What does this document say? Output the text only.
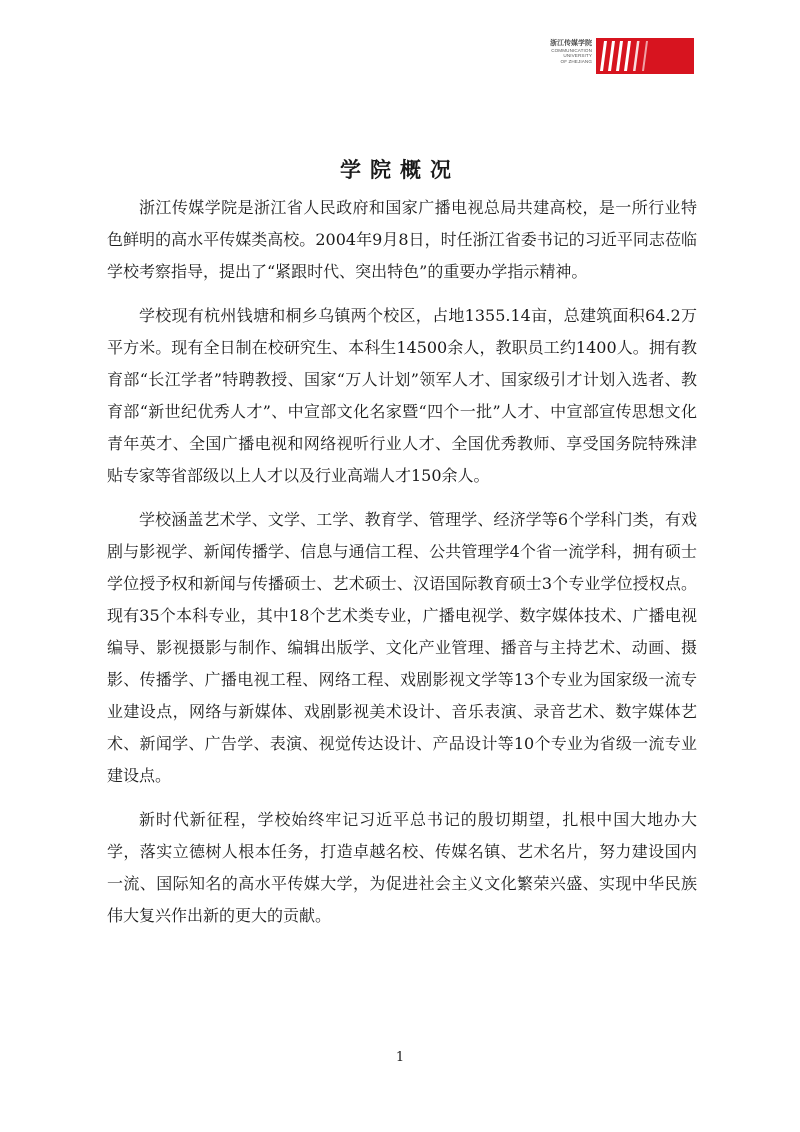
浙江传媒学院
COMMUNICATION
UNIVERSITY
OF ZHEJIANG
学院概况

浙江传媒学院是浙江省人民政府和国家广播电视总局共建高校，是一所行业特色鲜明的高水平传媒类高校。2004年9月8日，时任浙江省委书记的习近平同志莅临学校考察指导，提出了“紧跟时代、突出特色”的重要办学指示精神。

学校现有杭州钱塘和桐乡乌镇两个校区，占地1355.14亩，总建筑面积64.2万平方米。现有全日制在校研究生、本科生14500余人，教职员工约1400人。拥有教育部“长江学者”特聘教授、国家“万人计划”领军人才、国家级引才计划入选者、教育部“新世纪优秀人才”、中宣部文化名家暨“四个一批”人才、中宣部宣传思想文化青年英才、全国广播电视和网络视听行业人才、全国优秀教师、享受国务院特殊津贴专家等省部级以上人才以及行业高端人才150余人。

学校涵盖艺术学、文学、工学、教育学、管理学、经济学等6个学科门类，有戏剧与影视学、新闻传播学、信息与通信工程、公共管理学4个省一流学科，拥有硕士学位授予权和新闻与传播硕士、艺术硕士、汉语国际教育硕士3个专业学位授权点。现有35个本科专业，其中18个艺术类专业，广播电视学、数字媒体技术、广播电视编导、影视摄影与制作、编辑出版学、文化产业管理、播音与主持艺术、动画、摄影、传播学、广播电视工程、网络工程、戏剧影视文学等13个专业为国家级一流专业建设点，网络与新媒体、戏剧影视美术设计、音乐表演、录音艺术、数字媒体艺术、新闻学、广告学、表演、视觉传达设计、产品设计等10个专业为省级一流专业建设点。

新时代新征程，学校始终牢记习近平总书记的殷切期望，扎根中国大地办大学，落实立德树人根本任务，打造卓越名校、传媒名镇、艺术名片，努力建设国内一流、国际知名的高水平传媒大学，为促进社会主义文化繁荣兴盛、实现中华民族伟大复兴作出新的更大的贡献。

1
